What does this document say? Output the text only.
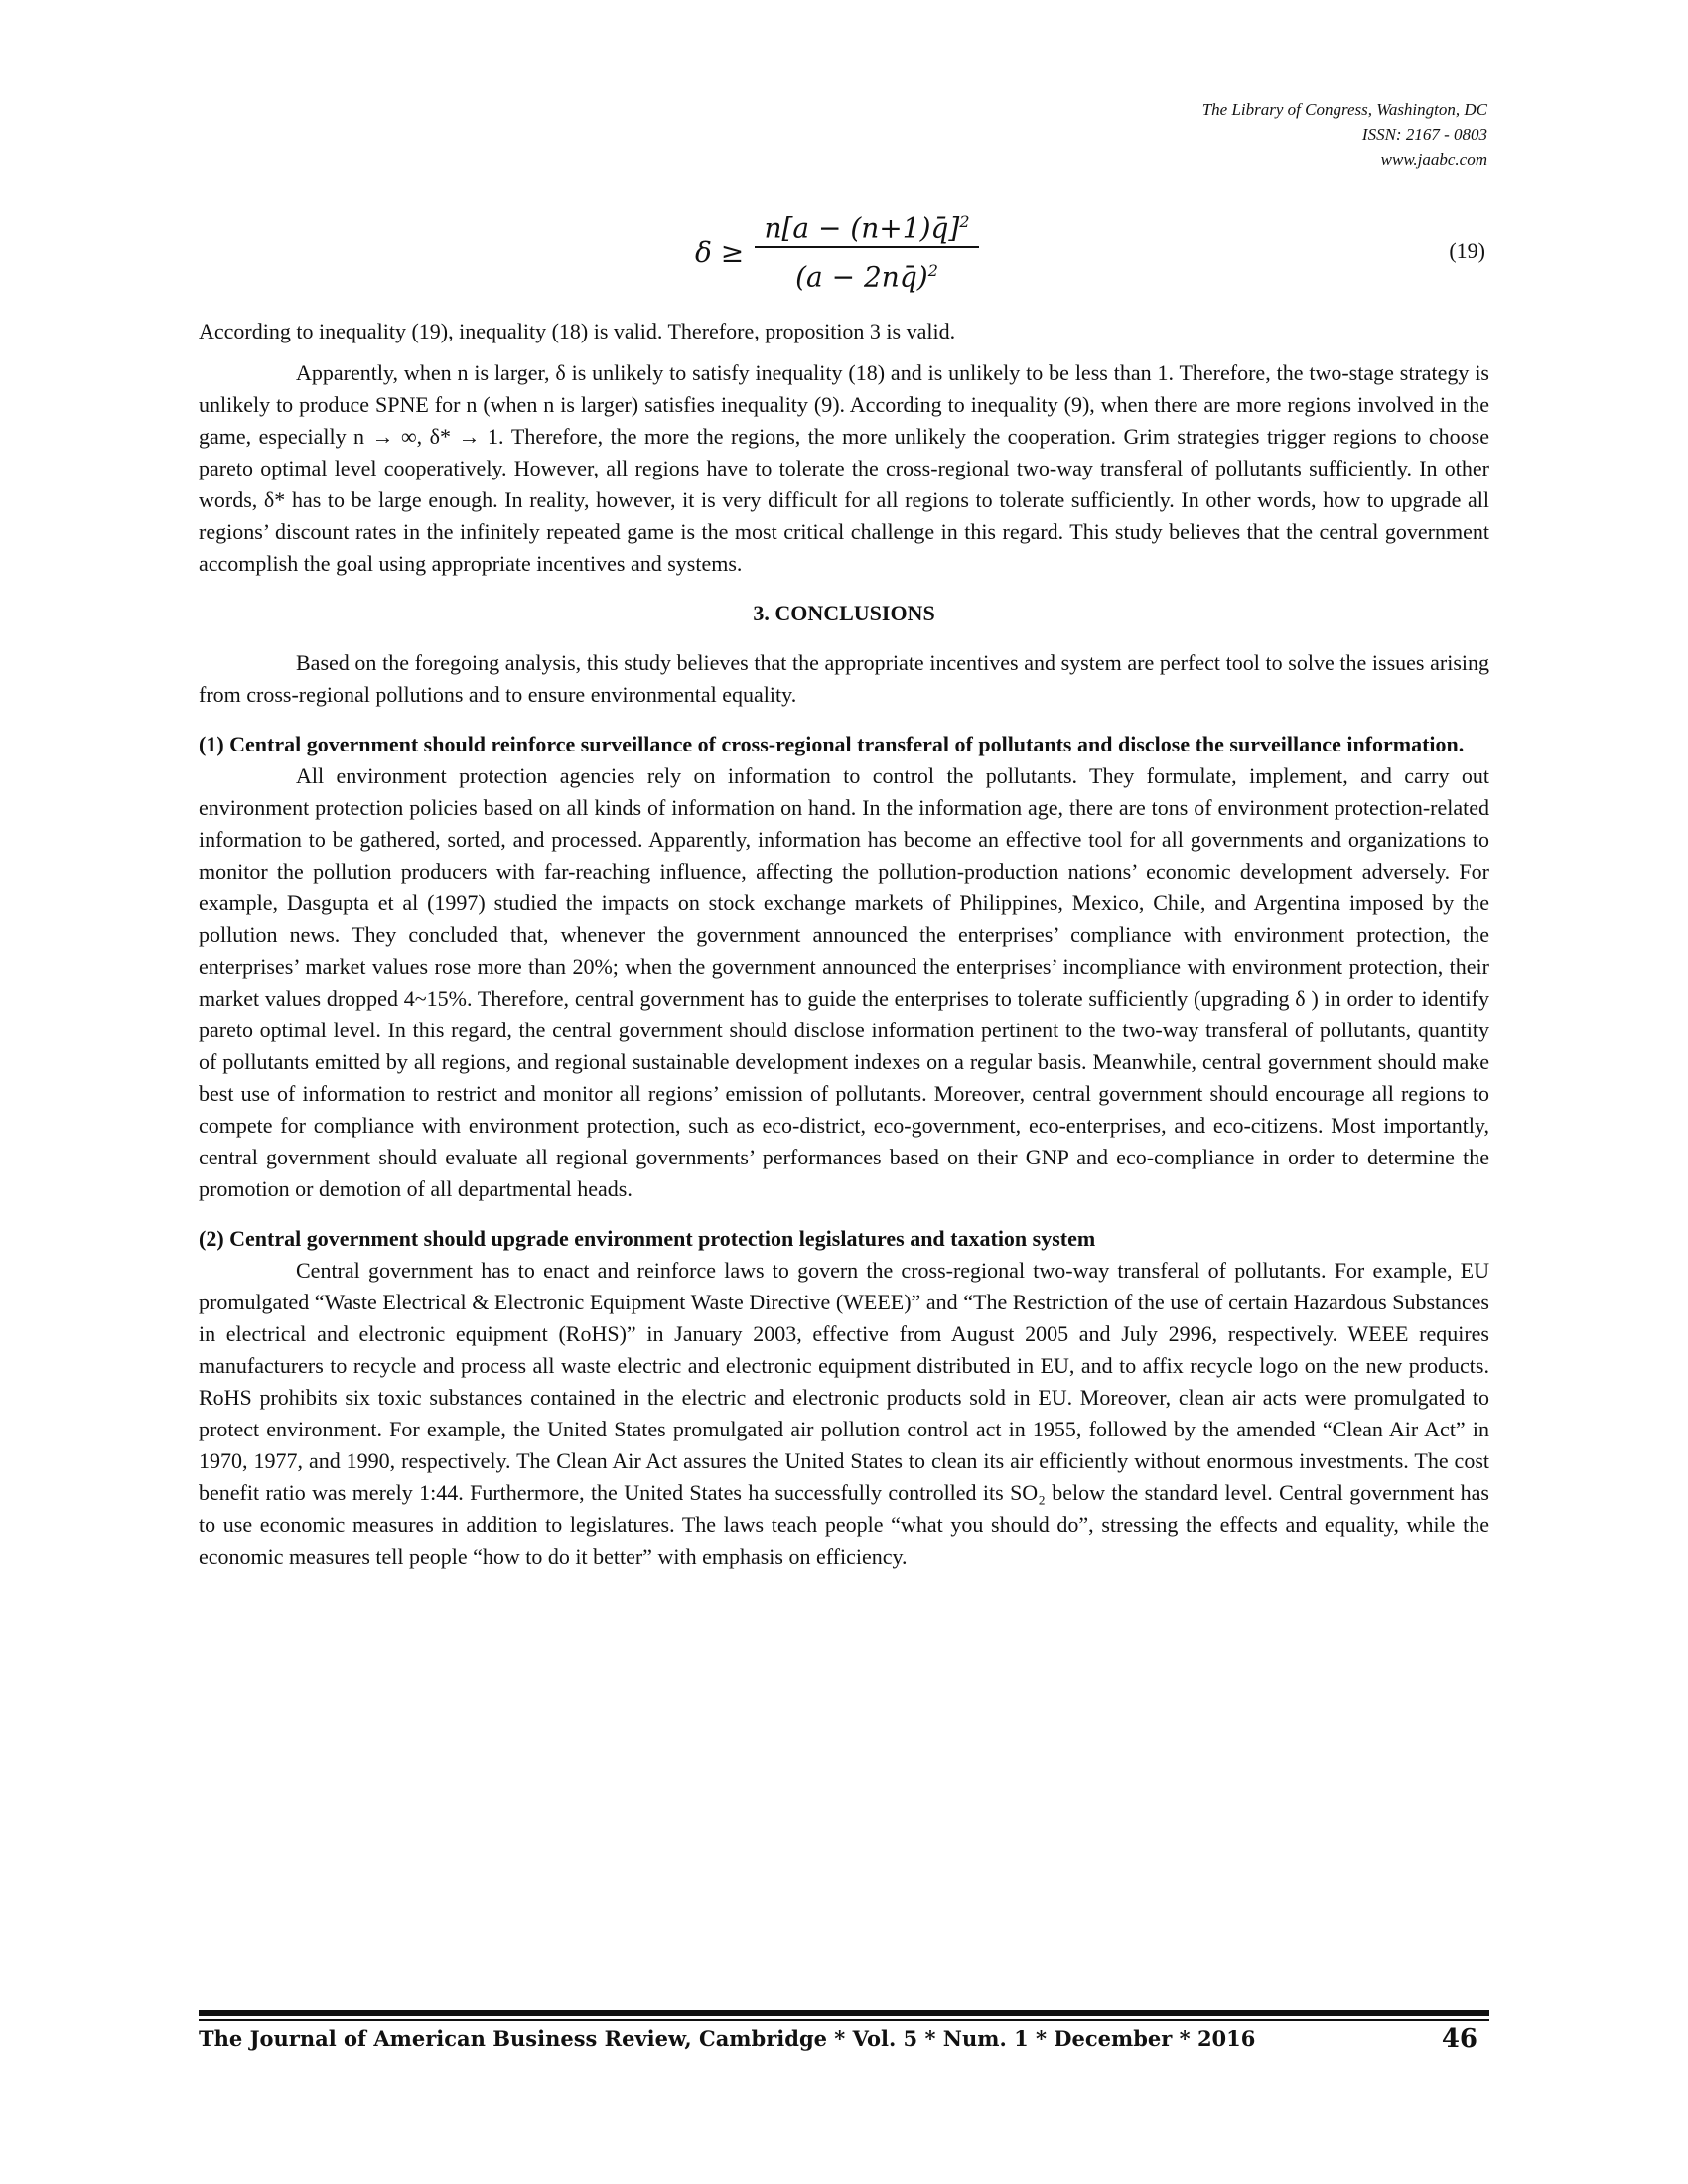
The Library of Congress, Washington, DC
ISSN: 2167 - 0803
www.jaabc.com
δ ≥
n[a − (n+1)q̄]$^2$
(a − 2nq̄)$^2$
(19)

According to inequality (19), inequality (18) is valid. Therefore, proposition 3 is valid.

Apparently, when n is larger, δ is unlikely to satisfy inequality (18) and is unlikely to be less than 1. Therefore, the two-stage strategy is unlikely to produce SPNE for n (when n is larger) satisfies inequality (9). According to inequality (9), when there are more regions involved in the game, especially n → ∞, δ* → 1. Therefore, the more the regions, the more unlikely the cooperation. Grim strategies trigger regions to choose pareto optimal level cooperatively. However, all regions have to tolerate the cross-regional two-way transferal of pollutants sufficiently. In other words, δ* has to be large enough. In reality, however, it is very difficult for all regions to tolerate sufficiently. In other words, how to upgrade all regions’ discount rates in the infinitely repeated game is the most critical challenge in this regard. This study believes that the central government accomplish the goal using appropriate incentives and systems.

3. CONCLUSIONS

Based on the foregoing analysis, this study believes that the appropriate incentives and system are perfect tool to solve the issues arising from cross-regional pollutions and to ensure environmental equality.

(1) Central government should reinforce surveillance of cross-regional transferal of pollutants and disclose the surveillance information.

All environment protection agencies rely on information to control the pollutants. They formulate, implement, and carry out environment protection policies based on all kinds of information on hand. In the information age, there are tons of environment protection-related information to be gathered, sorted, and processed. Apparently, information has become an effective tool for all governments and organizations to monitor the pollution producers with far-reaching influence, affecting the pollution-production nations’ economic development adversely. For example, Dasgupta et al (1997) studied the impacts on stock exchange markets of Philippines, Mexico, Chile, and Argentina imposed by the pollution news. They concluded that, whenever the government announced the enterprises’ compliance with environment protection, the enterprises’ market values rose more than 20%; when the government announced the enterprises’ incompliance with environment protection, their market values dropped 4~15%. Therefore, central government has to guide the enterprises to tolerate sufficiently (upgrading δ ) in order to identify pareto optimal level. In this regard, the central government should disclose information pertinent to the two-way transferal of pollutants, quantity of pollutants emitted by all regions, and regional sustainable development indexes on a regular basis. Meanwhile, central government should make best use of information to restrict and monitor all regions’ emission of pollutants. Moreover, central government should encourage all regions to compete for compliance with environment protection, such as eco-district, eco-government, eco-enterprises, and eco-citizens. Most importantly, central government should evaluate all regional governments’ performances based on their GNP and eco-compliance in order to determine the promotion or demotion of all departmental heads.

(2) Central government should upgrade environment protection legislatures and taxation system

Central government has to enact and reinforce laws to govern the cross-regional two-way transferal of pollutants. For example, EU promulgated “Waste Electrical & Electronic Equipment Waste Directive (WEEE)” and “The Restriction of the use of certain Hazardous Substances in electrical and electronic equipment (RoHS)” in January 2003, effective from August 2005 and July 2996, respectively. WEEE requires manufacturers to recycle and process all waste electric and electronic equipment distributed in EU, and to affix recycle logo on the new products. RoHS prohibits six toxic substances contained in the electric and electronic products sold in EU. Moreover, clean air acts were promulgated to protect environment. For example, the United States promulgated air pollution control act in 1955, followed by the amended “Clean Air Act” in 1970, 1977, and 1990, respectively. The Clean Air Act assures the United States to clean its air efficiently without enormous investments. The cost benefit ratio was merely 1:44. Furthermore, the United States ha successfully controlled its SO₂ below the standard level. Central government has to use economic measures in addition to legislatures. The laws teach people “what you should do”, stressing the effects and equality, while the economic measures tell people “how to do it better” with emphasis on efficiency.

The Journal of American Business Review, Cambridge * Vol. 5 * Num. 1 * December * 2016	46
